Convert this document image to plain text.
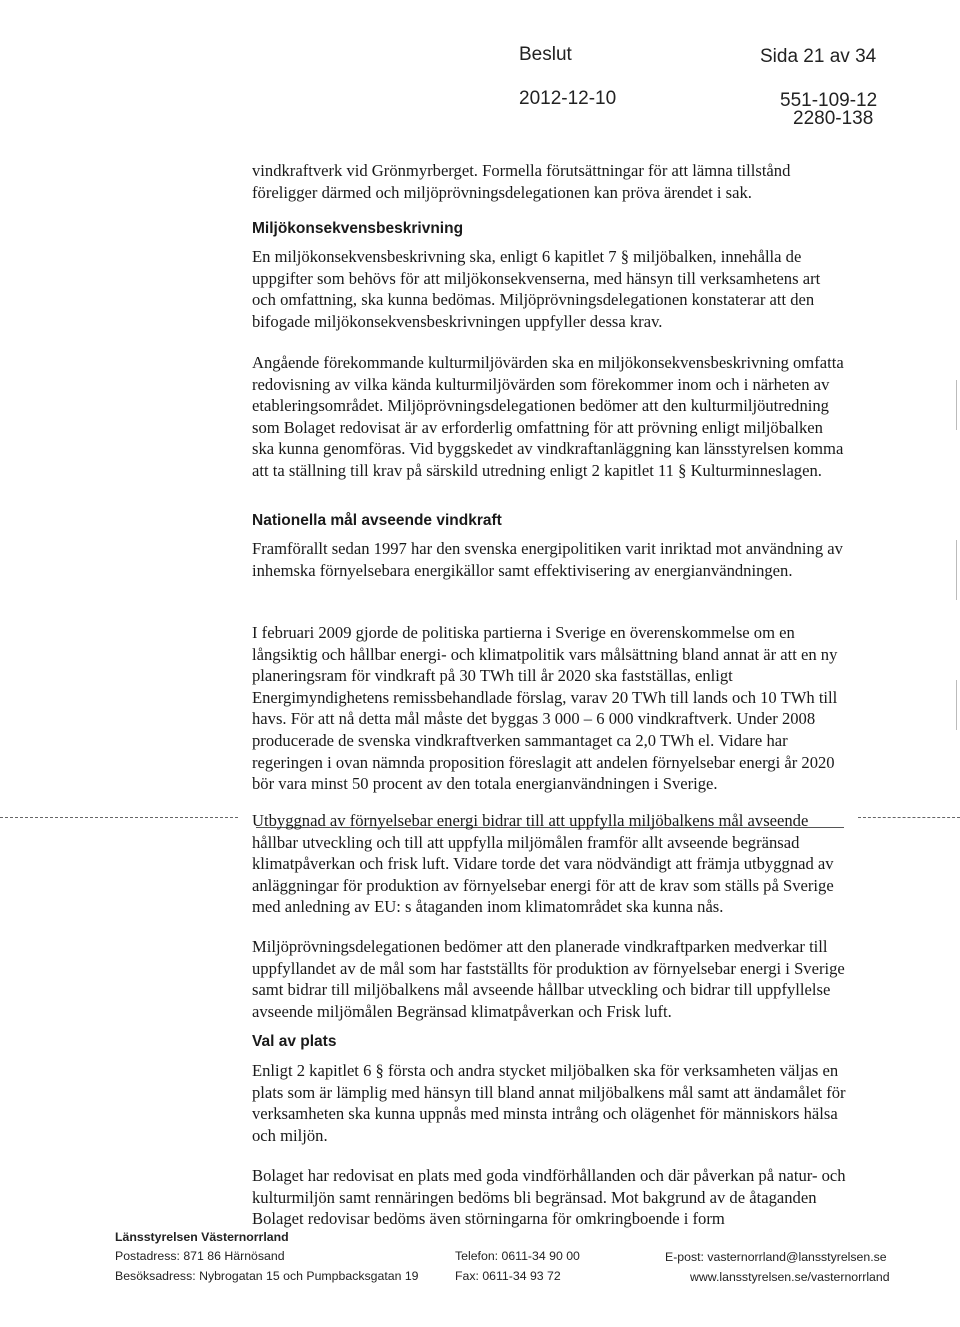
Beslut	Sida 21 av 34
2012-12-10	551-109-12
2280-138

vindkraftverk vid Grönmyrberget. Formella förutsättningar för att lämna tillstånd föreligger därmed och miljöprövningsdelegationen kan pröva ärendet i sak.

Miljökonsekvensbeskrivning

En miljökonsekvensbeskrivning ska, enligt 6 kapitlet 7 § miljöbalken, innehålla de uppgifter som behövs för att miljökonsekvenserna, med hänsyn till verksamhetens art och omfattning, ska kunna bedömas. Miljöprövningsdelegationen konstaterar att den bifogade miljökonsekvensbeskrivningen uppfyller dessa krav.

Angående förekommande kulturmiljövärden ska en miljökonsekvensbeskrivning omfatta redovisning av vilka kända kulturmiljövärden som förekommer inom och i närheten av etableringsområdet. Miljöprövningsdelegationen bedömer att den kulturmiljöutredning som Bolaget redovisat är av erforderlig omfattning för att prövning enligt miljöbalken ska kunna genomföras. Vid byggskedet av vindkraftanläggning kan länsstyrelsen komma att ta ställning till krav på särskild utredning enligt 2 kapitlet 11 § Kulturminneslagen.

Nationella mål avseende vindkraft

Framförallt sedan 1997 har den svenska energipolitiken varit inriktad mot användning av inhemska förnyelsebara energikällor samt effektivisering av energianvändningen.

I februari 2009 gjorde de politiska partierna i Sverige en överenskommelse om en långsiktig och hållbar energi- och klimatpolitik vars målsättning bland annat är att en ny planeringsram för vindkraft på 30 TWh till år 2020 ska fastställas, enligt Energimyndighetens remissbehandlade förslag, varav 20 TWh till lands och 10 TWh till havs. För att nå detta mål måste det byggas 3 000 – 6 000 vindkraftverk. Under 2008 producerade de svenska vindkraftverken sammantaget ca 2,0 TWh el. Vidare har regeringen i ovan nämnda proposition föreslagit att andelen förnyelsebar energi år 2020 bör vara minst 50 procent av den totala energianvändningen i Sverige.

Utbyggnad av förnyelsebar energi bidrar till att uppfylla miljöbalkens mål avseende hållbar utveckling och till att uppfylla miljömålen framför allt avseende begränsad klimatpåverkan och frisk luft. Vidare torde det vara nödvändigt att främja utbyggnad av anläggningar för produktion av förnyelsebar energi för att de krav som ställs på Sverige med anledning av EU: s åtaganden inom klimatområdet ska kunna nås.

Miljöprövningsdelegationen bedömer att den planerade vindkraftparken medverkar till uppfyllandet av de mål som har fastställts för produktion av förnyelsebar energi i Sverige samt bidrar till miljöbalkens mål avseende hållbar utveckling och bidrar till uppfyllelse avseende miljömålen Begränsad klimatpåverkan och Frisk luft.

Val av plats

Enligt 2 kapitlet 6 § första och andra stycket miljöbalken ska för verksamheten väljas en plats som är lämplig med hänsyn till bland annat miljöbalkens mål samt att ändamålet för verksamheten ska kunna uppnås med minsta intrång och olägenhet för människors hälsa och miljön.

Bolaget har redovisat en plats med goda vindförhållanden och där påverkan på natur- och kulturmiljön samt rennäringen bedöms bli begränsad. Mot bakgrund av de åtaganden Bolaget redovisar bedöms även störningarna för omkringboende i form

Länsstyrelsen Västernorrland
Postadress: 871 86 Härnösand
Besöksadress: Nybrogatan 15 och Pumpbacksgatan 19
Telefon: 0611-34 90 00
Fax: 0611-34 93 72
E-post: vasternorrland@lansstyrelsen.se
www.lansstyrelsen.se/vasternorrland
